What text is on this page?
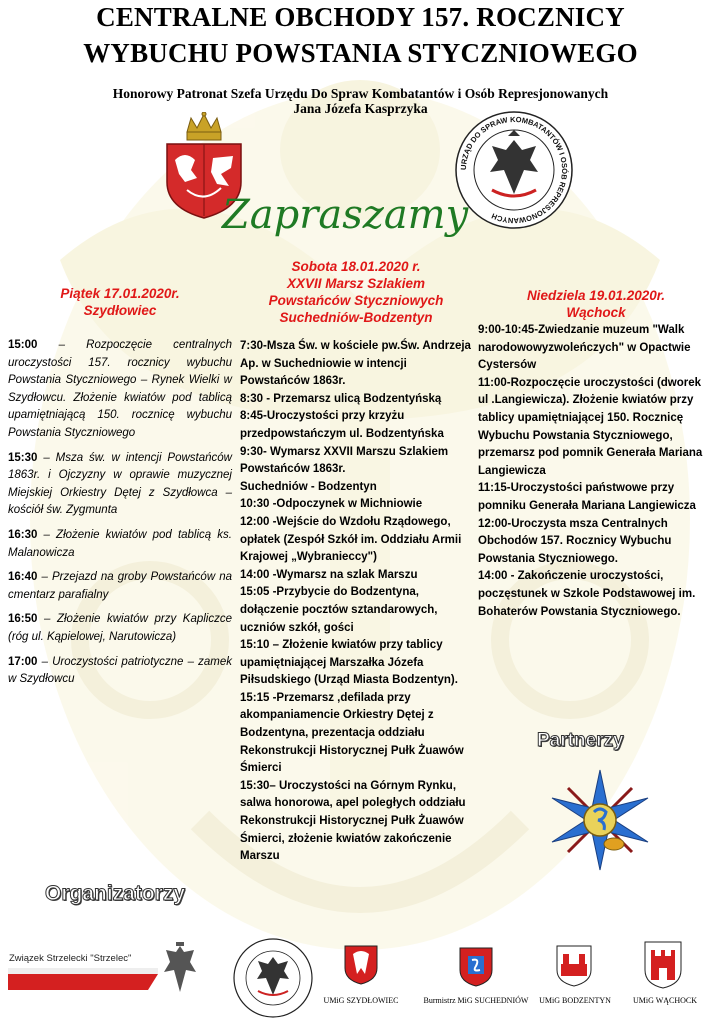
CENTRALNE OBCHODY 157. ROCZNICY
WYBUCHU POWSTANIA STYCZNIOWEGO
Honorowy Patronat Szefa Urzędu Do Spraw Kombatantów i Osób Represjonowanych
Jana Józefa Kasprzyka
URZĄD DO SPRAW KOMBATANTÓW I OSÓB REPRESJONOWANYCH
Zapraszamy
Piątek 17.01.2020r.
Szydłowiec
Sobota 18.01.2020 r.
XXVII Marsz Szlakiem
Powstańców Styczniowych
Suchedniów-Bodzentyn
Niedziela 19.01.2020r.
Wąchock

15:00 – Rozpoczęcie centralnych uroczystości 157. rocznicy wybuchu Powstania Styczniowego – Rynek Wielki w Szydłowcu. Złożenie kwiatów pod tablicą upamiętniającą 150. rocznicę wybuchu Powstania Styczniowego

15:30 – Msza św. w intencji Powstańców 1863r. i Ojczyzny w oprawie muzycznej Miejskiej Orkiestry Dętej z Szydłowca – kościół św. Zygmunta

16:30 – Złożenie kwiatów pod tablicą ks. Malanowicza

16:40 – Przejazd na groby Powstańców na cmentarz parafialny

16:50 – Złożenie kwiatów przy Kapliczce (róg ul. Kąpielowej, Narutowicza)

17:00 – Uroczystości patriotyczne – zamek w Szydłowcu

7:30-Msza Św. w kościele pw.Św. Andrzeja Ap. w Suchedniowie w intencji Powstańców 1863r.

8:30 - Przemarsz ulicą Bodzentyńską

8:45-Uroczystości przy krzyżu przedpowstańczym ul. Bodzentyńska

9:30- Wymarsz XXVII Marszu Szlakiem Powstańców 1863r.

Suchedniów - Bodzentyn

10:30 -Odpoczynek w Michniowie

12:00 -Wejście do Wzdołu Rządowego, opłatek (Zespół Szkół im. Oddziału Armii Krajowej „Wybranieccy")

14:00 -Wymarsz na szlak Marszu

15:05 -Przybycie do Bodzentyna, dołączenie pocztów sztandarowych, uczniów szkół, gości

15:10 – Złożenie kwiatów przy tablicy upamiętniającej Marszałka Józefa Piłsudskiego (Urząd Miasta Bodzentyn).

15:15 -Przemarsz ,defilada przy akompaniamencie Orkiestry Dętej z Bodzentyna, prezentacja oddziału Rekonstrukcji Historycznej Pułk Żuawów Śmierci

15:30– Uroczystości na Górnym Rynku, salwa honorowa, apel poległych oddziału Rekonstrukcji Historycznej Pułk Żuawów Śmierci, złożenie kwiatów zakończenie Marszu

9:00-10:45-Zwiedzanie muzeum "Walk narodowowyzwoleńczych" w Opactwie Cystersów

11:00-Rozpoczęcie uroczystości (dworek ul .Langiewicza). Złożenie kwiatów przy tablicy upamiętniającej 150. Rocznicę Wybuchu Powstania Styczniowego, przemarsz pod pomnik Generała Mariana Langiewicza

11:15-Uroczystości państwowe przy pomniku Generała Mariana Langiewicza

12:00-Uroczysta msza Centralnych Obchodów 157. Rocznicy Wybuchu Powstania Styczniowego.

14:00 - Zakończenie uroczystości, poczęstunek w Szkole Podstawowej im. Bohaterów Powstania Styczniowego.

Partnerzy
Organizatorzy
Związek Strzelecki "Strzelec"
UMiG SZYDŁOWIEC	Burmistrz MiG SUCHEDNIÓW	UMiG BODZENTYN	UMiG WĄCHOCK
